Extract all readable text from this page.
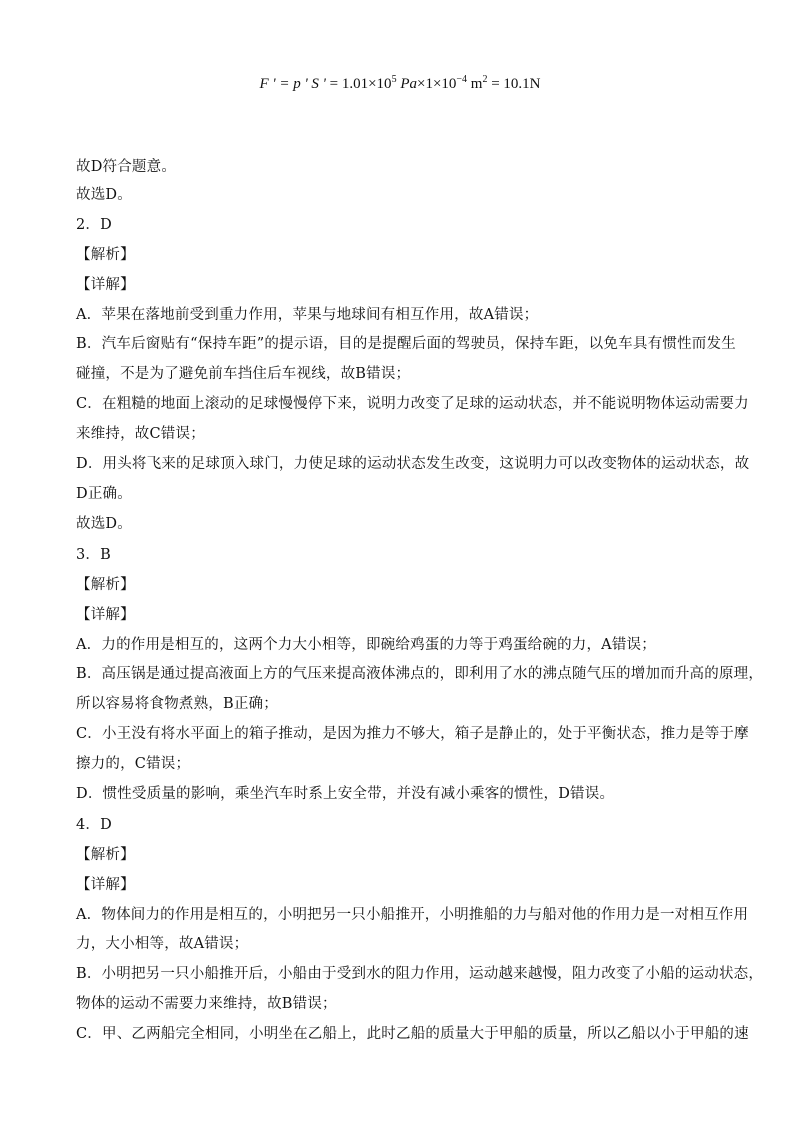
F ' = p ' S ' = $1.01\times 10^5$ $Pa\times 1\times 10^{-4}$ $m^2 = 10.1N$
故D符合题意。
故选D。
2．D
【解析】
【详解】
A．苹果在落地前受到重力作用，苹果与地球间有相互作用，故A错误；
B．汽车后窗贴有“保持车距”的提示语，目的是提醒后面的驾驶员，保持车距，以免车具有惯性而发生
碰撞，不是为了避免前车挡住后车视线，故B错误；
C．在粗糙的地面上滚动的足球慢慢停下来，说明力改变了足球的运动状态，并不能说明物体运动需要力
来维持，故C错误；
D．用头将飞来的足球顶入球门，力使足球的运动状态发生改变，这说明力可以改变物体的运动状态，故
D正确。
故选D。
3．B
【解析】
【详解】
A．力的作用是相互的，这两个力大小相等，即碗给鸡蛋的力等于鸡蛋给碗的力，A错误；
B．高压锅是通过提高液面上方的气压来提高液体沸点的，即利用了水的沸点随气压的增加而升高的原理，
所以容易将食物煮熟，B正确；
C．小王没有将水平面上的箱子推动，是因为推力不够大，箱子是静止的，处于平衡状态，推力是等于摩
擦力的，C错误；
D．惯性受质量的影响，乘坐汽车时系上安全带，并没有减小乘客的惯性，D错误。
4．D
【解析】
【详解】
A．物体间力的作用是相互的，小明把另一只小船推开，小明推船的力与船对他的作用力是一对相互作用
力，大小相等，故A错误；
B．小明把另一只小船推开后，小船由于受到水的阻力作用，运动越来越慢，阻力改变了小船的运动状态，
物体的运动不需要力来维持，故B错误；
C．甲、乙两船完全相同，小明坐在乙船上，此时乙船的质量大于甲船的质量，所以乙船以小于甲船的速
